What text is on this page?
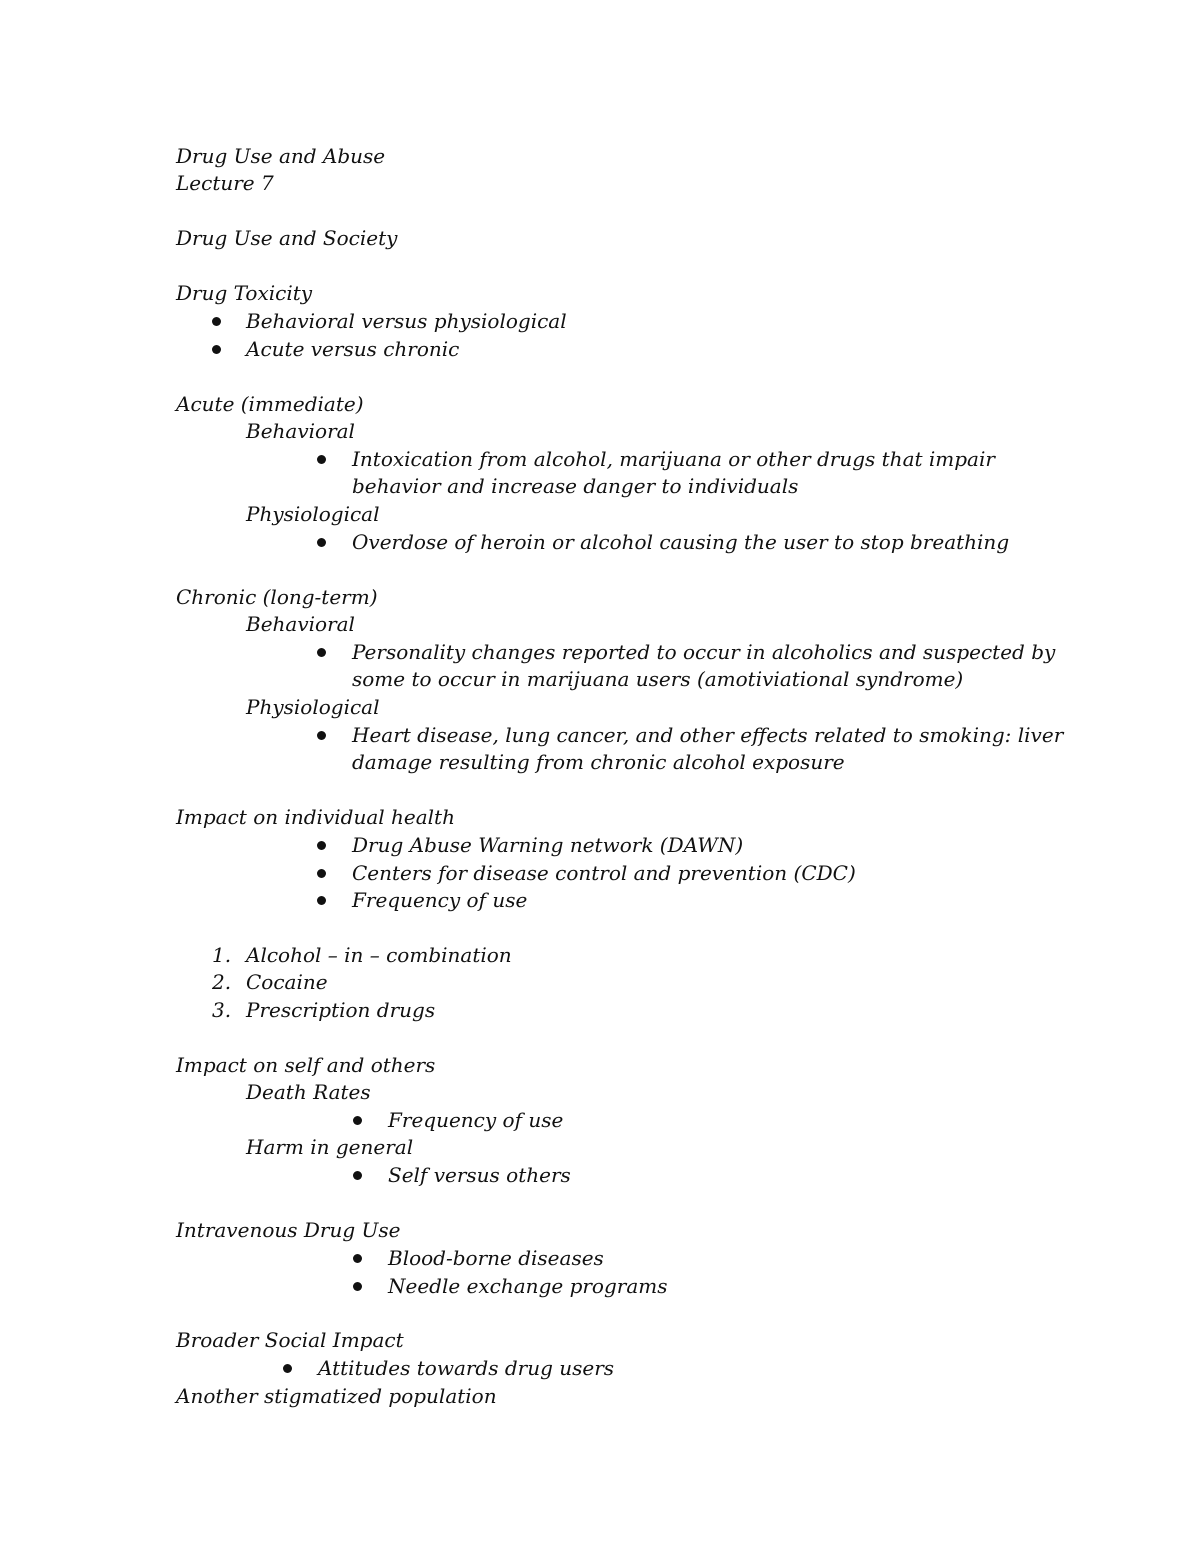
Drug Use and Abuse
Lecture 7
Drug Use and Society
Drug Toxicity
Behavioral versus physiological
Acute versus chronic
Acute (immediate)
Behavioral
Intoxication from alcohol, marijuana or other drugs that impair
behavior and increase danger to individuals
Physiological
Overdose of heroin or alcohol causing the user to stop breathing
Chronic (long-term)
Behavioral
Personality changes reported to occur in alcoholics and suspected by
some to occur in marijuana users (amotiviational syndrome)
Physiological
Heart disease, lung cancer, and other effects related to smoking: liver
damage resulting from chronic alcohol exposure
Impact on individual health
Drug Abuse Warning network (DAWN)
Centers for disease control and prevention (CDC)
Frequency of use
1. Alcohol – in – combination
2. Cocaine
3. Prescription drugs
Impact on self and others
Death Rates
Frequency of use
Harm in general
Self versus others
Intravenous Drug Use
Blood-borne diseases
Needle exchange programs
Broader Social Impact
Attitudes towards drug users
Another stigmatized population
